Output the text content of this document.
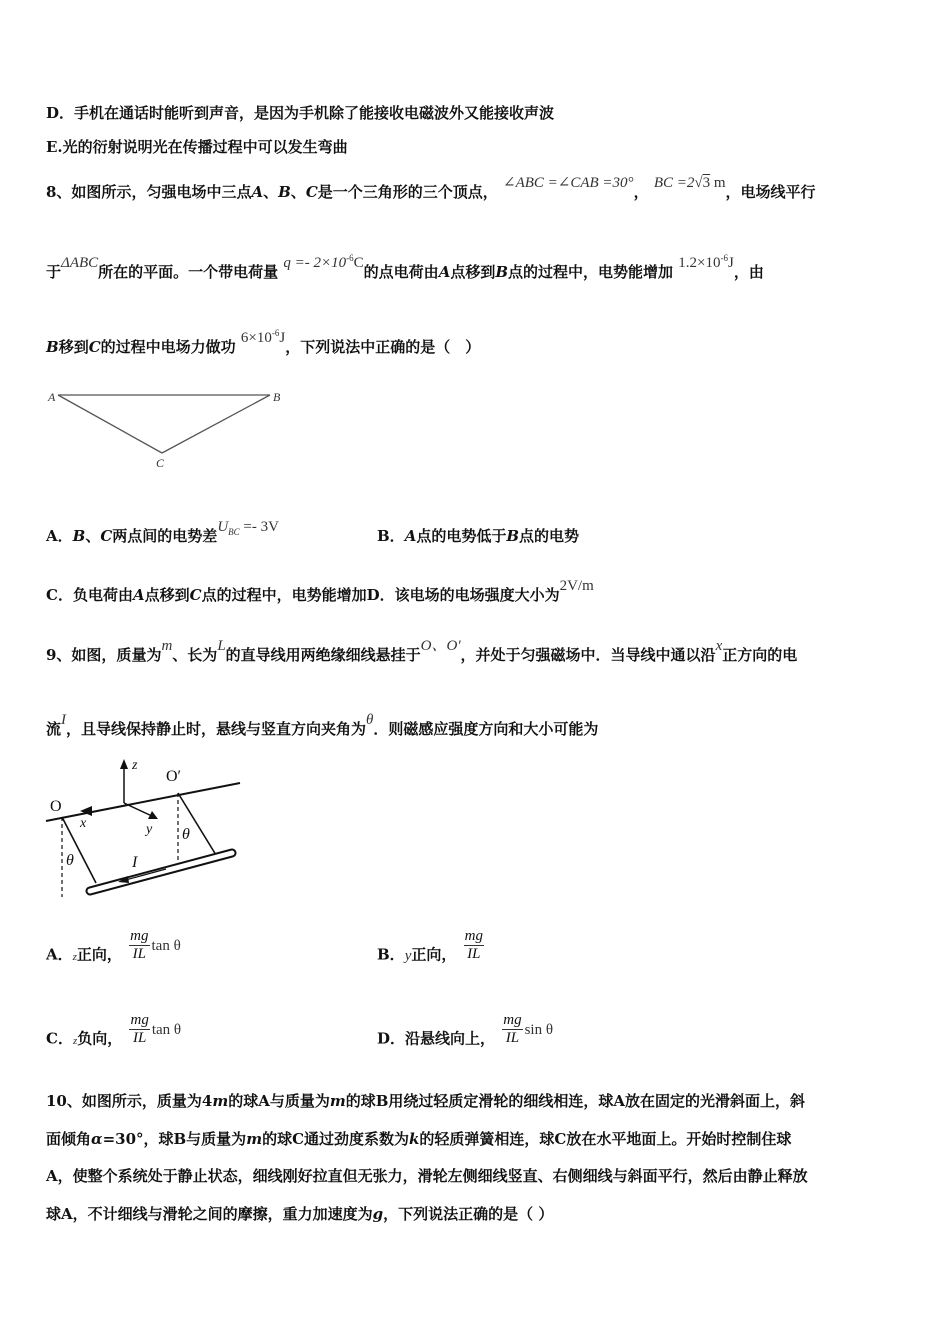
D．手机在通话时能听到声音，是因为手机除了能接收电磁波外又能接收声波
E.光的衍射说明光在传播过程中可以发生弯曲
8、如图所示，匀强电场中三点A、B、C是一个三角形的三个顶点， ∠ABC =∠CAB =30°， BC =2√3 m，电场线平行
于ΔABC所在的平面。一个带电荷量 $q =- 2\times 10^{-6}C$的点电荷由A点移到B点的过程中，电势能增加 $1.2\times 10^{-6}J$，由
B移到C的过程中电场力做功 $6\times 10^{-6}J$，下列说法中正确的是（　）
A	B
C
A．B、C两点间的电势差$U_{BC} =- 3V$	B．A点的电势低于B点的电势
C．负电荷由A点移到C点的过程中，电势能增加D．该电场的电场强度大小为2V/m
9、如图，质量为m、长为L的直导线用两绝缘细线悬挂于O、O'，并处于匀强磁场中．当导线中通以沿x正方向的电
流I，且导线保持静止时，悬线与竖直方向夹角为θ．则磁感应强度方向和大小可能为
z
x	y
O
O′
θ
θ
I
A．z正向， $\frac{mg}{IL}$ tan θ	B．y正向， $\frac{mg}{IL}$
C．z负向， $\frac{mg}{IL}$ tan θ	D．沿悬线向上， $\frac{mg}{IL}$ sin θ
10、如图所示，质量为4m的球A与质量为m的球B用绕过轻质定滑轮的细线相连，球A放在固定的光滑斜面上，斜
面倾角α=30°，球B与质量为m的球C通过劲度系数为k的轻质弹簧相连，球C放在水平地面上。开始时控制住球
A，使整个系统处于静止状态，细线刚好拉直但无张力，滑轮左侧细线竖直、右侧细线与斜面平行，然后由静止释放
球A，不计细线与滑轮之间的摩擦，重力加速度为g，下列说法正确的是（ ）
